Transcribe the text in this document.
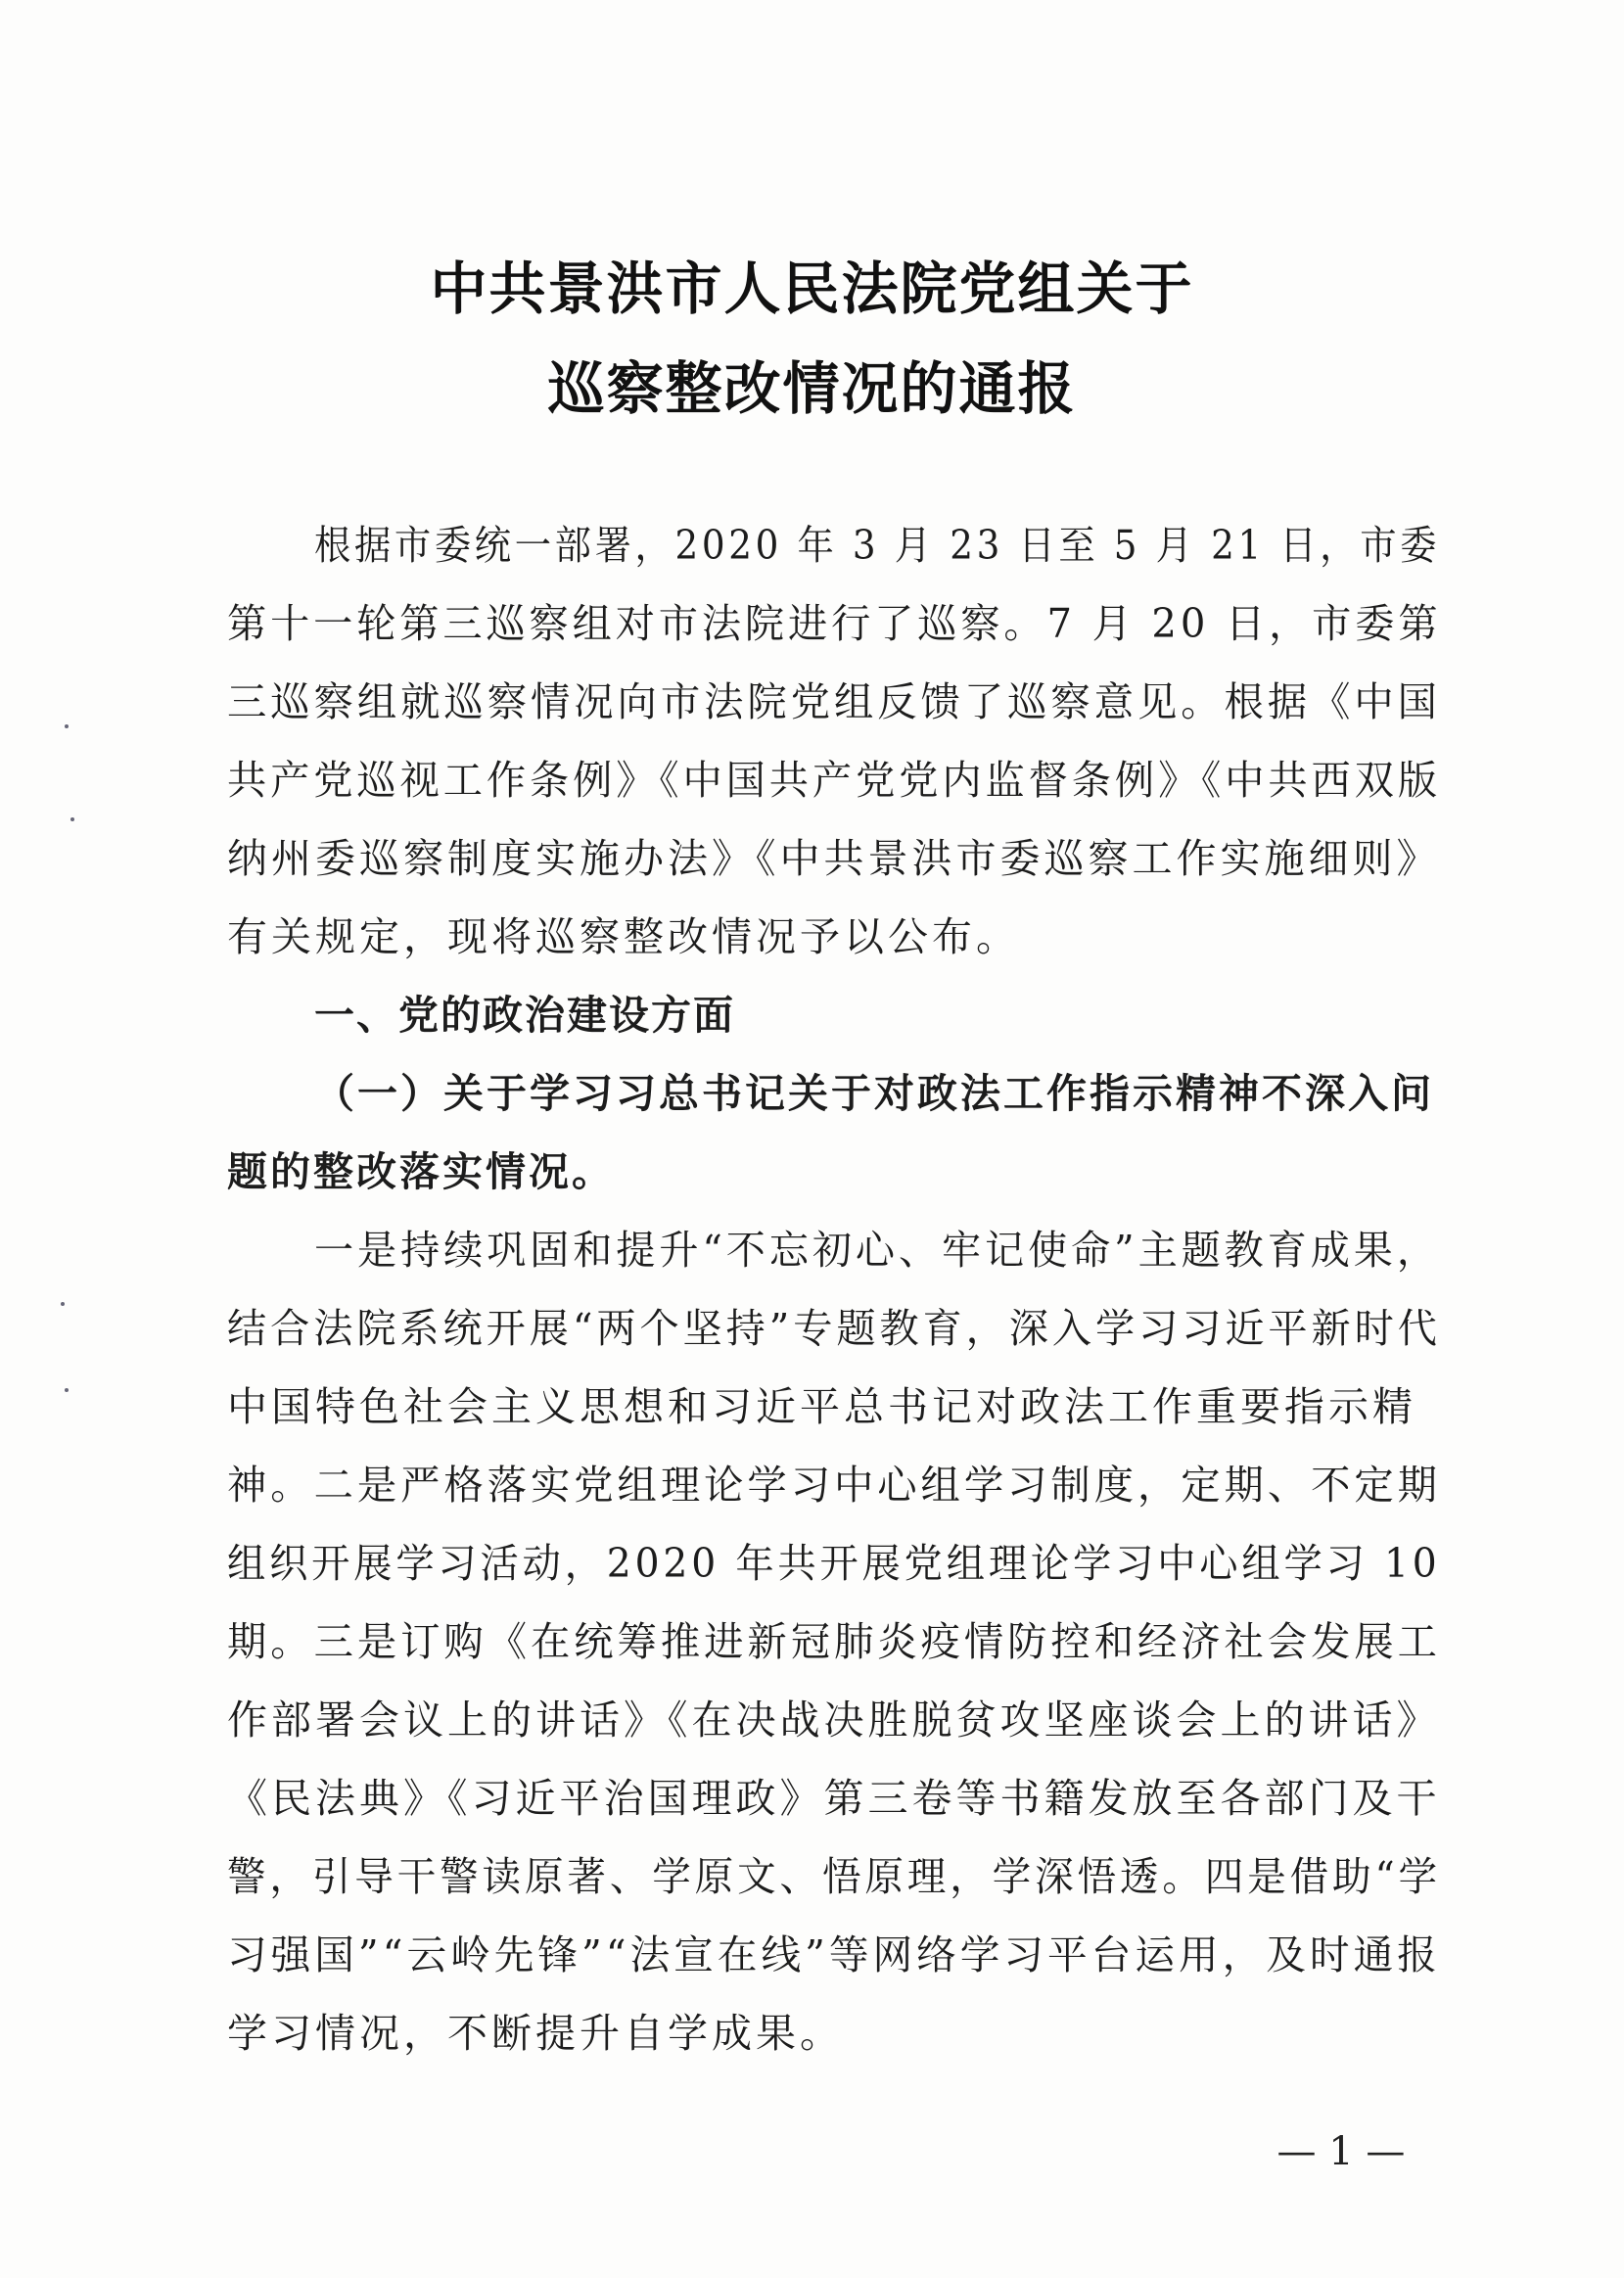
中共景洪市人民法院党组关于
巡察整改情况的通报
根据市委统一部署，2020 年 3 月 23 日至 5 月 21 日，市委
第十一轮第三巡察组对市法院进行了巡察。7 月 20 日，市委第
三巡察组就巡察情况向市法院党组反馈了巡察意见。根据《中国
共产党巡视工作条例》《中国共产党党内监督条例》《中共西双版
纳州委巡察制度实施办法》《中共景洪市委巡察工作实施细则》
有关规定，现将巡察整改情况予以公布。
一、党的政治建设方面
（一）关于学习习总书记关于对政法工作指示精神不深入问
题的整改落实情况。
一是持续巩固和提升“不忘初心、牢记使命”主题教育成果，
结合法院系统开展“两个坚持”专题教育，深入学习习近平新时代
中国特色社会主义思想和习近平总书记对政法工作重要指示精
神。二是严格落实党组理论学习中心组学习制度，定期、不定期
组织开展学习活动，2020 年共开展党组理论学习中心组学习 10
期。三是订购《在统筹推进新冠肺炎疫情防控和经济社会发展工
作部署会议上的讲话》《在决战决胜脱贫攻坚座谈会上的讲话》
《民法典》《习近平治国理政》第三卷等书籍发放至各部门及干
警，引导干警读原著、学原文、悟原理，学深悟透。四是借助“学
习强国”“云岭先锋”“法宣在线”等网络学习平台运用，及时通报
学习情况，不断提升自学成果。
— 1 —
